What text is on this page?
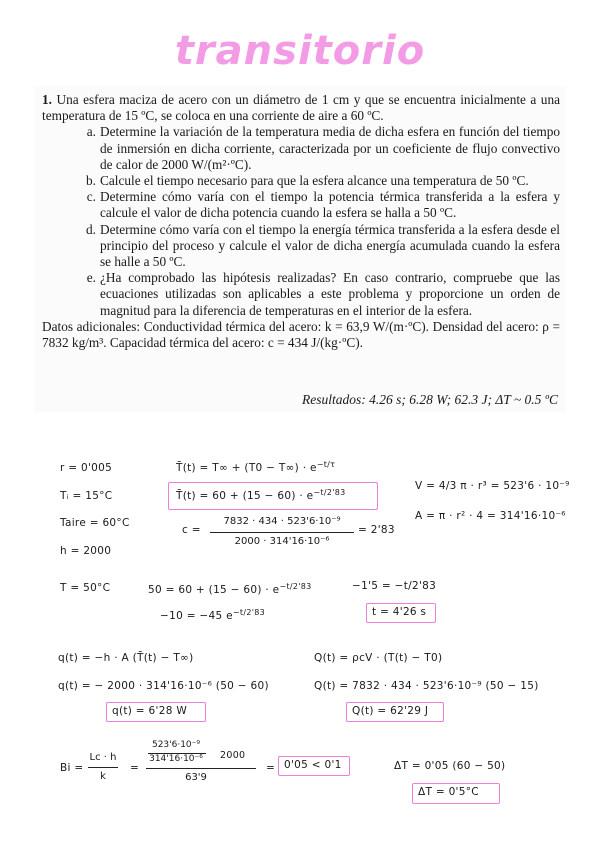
transitorio
1. Una esfera maciza de acero con un diámetro de 1 cm y que se encuentra inicialmente a una temperatura de 15 ºC, se coloca en una corriente de aire a 60 ºC.
a. Determine la variación de la temperatura media de dicha esfera en función del tiempo de inmersión en dicha corriente, caracterizada por un coeficiente de flujo convectivo de calor de 2000 W/(m²·ºC).
b. Calcule el tiempo necesario para que la esfera alcance una temperatura de 50 ºC.
c. Determine cómo varía con el tiempo la potencia térmica transferida a la esfera y calcule el valor de dicha potencia cuando la esfera se halla a 50 ºC.
d. Determine cómo varía con el tiempo la energía térmica transferida a la esfera desde el principio del proceso y calcule el valor de dicha energía acumulada cuando la esfera se halle a 50 ºC.
e. ¿Ha comprobado las hipótesis realizadas? En caso contrario, compruebe que las ecuaciones utilizadas son aplicables a este problema y proporcione un orden de magnitud para la diferencia de temperaturas en el interior de la esfera.
Datos adicionales: Conductividad térmica del acero: k = 63,9 W/(m·ºC). Densidad del acero: ρ = 7832 kg/m³. Capacidad térmica del acero: c = 434 J/(kg·ºC).
Resultados: 4.26 s; 6.28 W; 62.3 J; ΔT ~ 0.5 ºC
r = 0'005
Tᵢ = 15°C
Taire = 60°C
h = 2000
T̄(t) = $T\infty + (T0 - T\infty) \cdot e^{-t/\tau}$
T̄(t) = $60 + (15 - 60) \cdot e^{-t/2'83}$
c =
7832 · 434 · 523'6·10⁻⁹
2000 · 314'16·10⁻⁶
= 2'83
V = 4/3 π · r³ = 523'6 · 10⁻⁹
A = π · r² · 4 = 314'16·10⁻⁶
T = 50°C	$50 = 60 + (15 - 60) \cdot e^{-t/2'83}$
−10 = −45 $e^{-t/2'83}$
−1'5 = −t/2'83
t = 4'26 s
q(t) = −h · A (T̄(t) − T∞)
q(t) = − 2000 · 314'16·10⁻⁶ (50 − 60)
q(t) = 6'28 W
Q(t) = ρcV · (T(t) − T0)
Q(t) = 7832 · 434 · 523'6·10⁻⁹ (50 − 15)
Q(t) = 62'29 J
Bi =
Lc · h
k
=
523'6·10⁻⁹
314'16·10⁻⁶	2000
63'9
= 0'05 < 0'1	ΔT = 0'05 (60 − 50)
ΔT = 0'5°C
